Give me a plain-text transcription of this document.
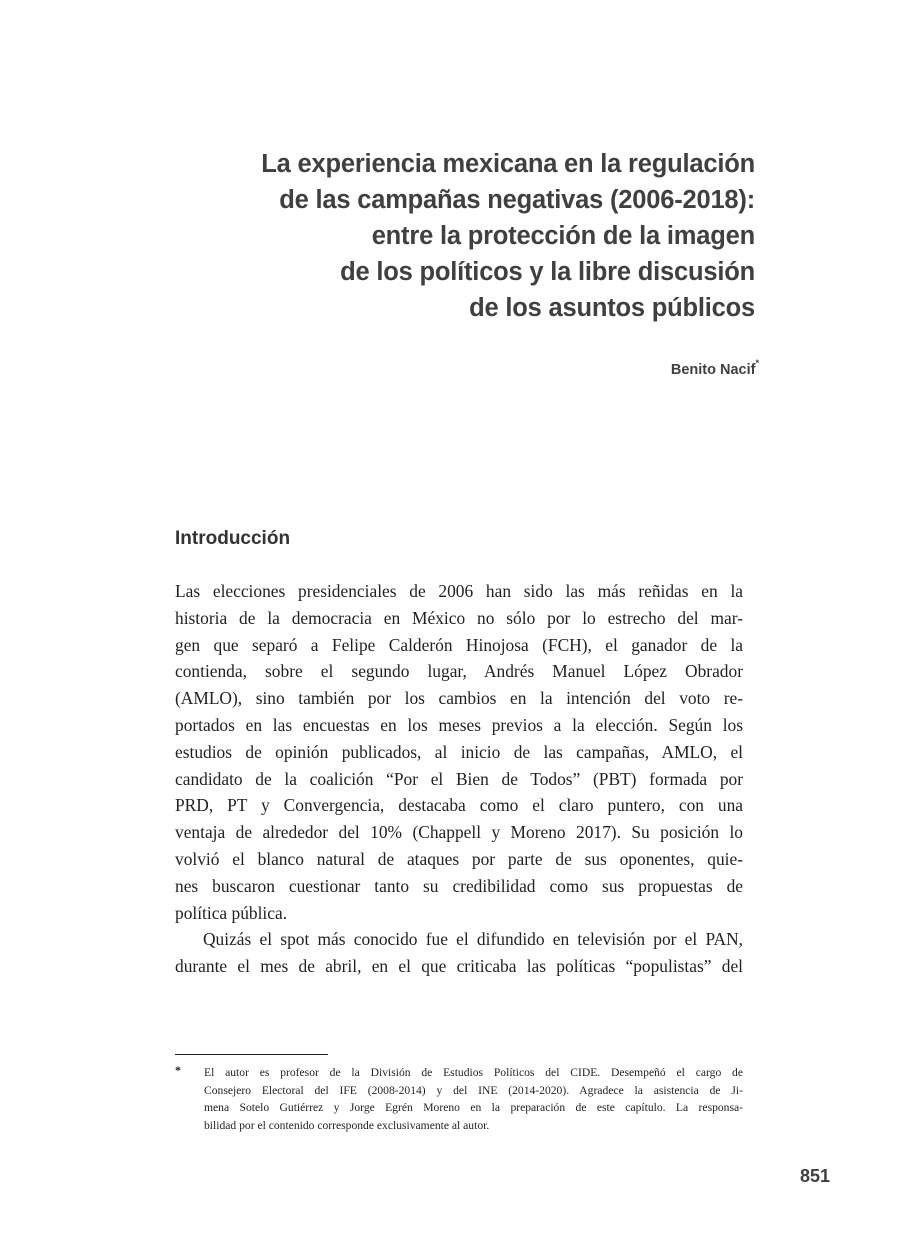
La experiencia mexicana en la regulación
de las campañas negativas (2006-2018):
entre la protección de la imagen
de los políticos y la libre discusión
de los asuntos públicos
Benito Nacif*
Introducción
Las elecciones presidenciales de 2006 han sido las más reñidas en la
historia de la democracia en México no sólo por lo estrecho del mar-
gen que separó a Felipe Calderón Hinojosa (FCH), el ganador de la
contienda, sobre el segundo lugar, Andrés Manuel López Obrador
(AMLO), sino también por los cambios en la intención del voto re-
portados en las encuestas en los meses previos a la elección. Según los
estudios de opinión publicados, al inicio de las campañas, AMLO, el
candidato de la coalición “Por el Bien de Todos” (PBT) formada por
PRD, PT y Convergencia, destacaba como el claro puntero, con una
ventaja de alrededor del 10% (Chappell y Moreno 2017). Su posición lo
volvió el blanco natural de ataques por parte de sus oponentes, quie-
nes buscaron cuestionar tanto su credibilidad como sus propuestas de
política pública.
Quizás el spot más conocido fue el difundido en televisión por el PAN,
durante el mes de abril, en el que criticaba las políticas “populistas” del
* El autor es profesor de la División de Estudios Políticos del CIDE. Desempeñó el cargo de
Consejero Electoral del IFE (2008-2014) y del INE (2014-2020). Agradece la asistencia de Ji-
mena Sotelo Gutiérrez y Jorge Egrén Moreno en la preparación de este capítulo. La responsa-
bilidad por el contenido corresponde exclusivamente al autor.
851
